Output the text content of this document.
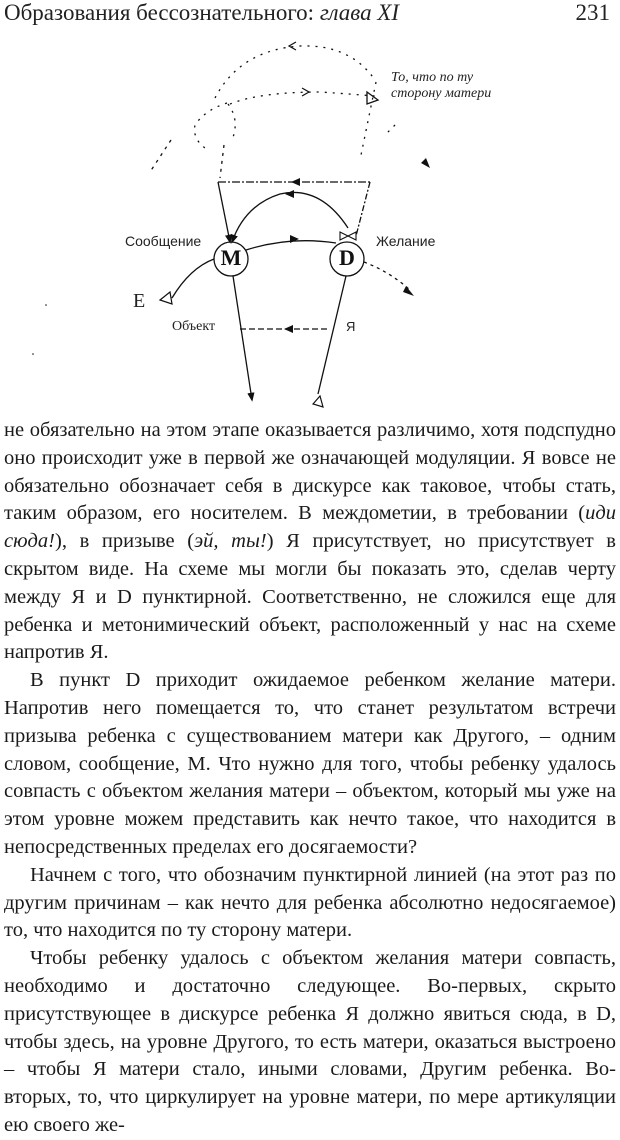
Образования бессознательного: глава XI	231
То, что по ту
сторону матери
Сообщение	Желание
E
Объект	Я
M	D

не обязательно на этом этапе оказывается различимо, хотя подспудно оно происходит уже в первой же означающей модуляции. Я вовсе не обязательно обозначает себя в дискурсе как таковое, чтобы стать, таким образом, его носителем. В междометии, в требовании (иди сюда!), в призыве (эй, ты!) Я присутствует, но присутствует в скрытом виде. На схеме мы могли бы показать это, сделав черту между Я и D пунктирной. Соответственно, не сложился еще для ребенка и метонимический объект, расположенный у нас на схеме напротив Я.

В пункт D приходит ожидаемое ребенком желание матери. Напротив него помещается то, что станет результатом встречи призыва ребенка с существованием матери как Другого, – одним словом, сообщение, M. Что нужно для того, чтобы ребенку удалось совпасть с объектом желания матери – объектом, который мы уже на этом уровне можем представить как нечто такое, что находится в непосредственных пределах его досягаемости?

Начнем с того, что обозначим пунктирной линией (на этот раз по другим причинам – как нечто для ребенка абсолютно недосягаемое) то, что находится по ту сторону матери.

Чтобы ребенку удалось с объектом желания матери совпасть, необходимо и достаточно следующее. Во-первых, скрыто присутствующее в дискурсе ребенка Я должно явиться сюда, в D, чтобы здесь, на уровне Другого, то есть матери, оказаться выстроено – чтобы Я матери стало, иными словами, Другим ребенка. Во-вторых, то, что циркулирует на уровне матери, по мере артикуляции ею своего же-
